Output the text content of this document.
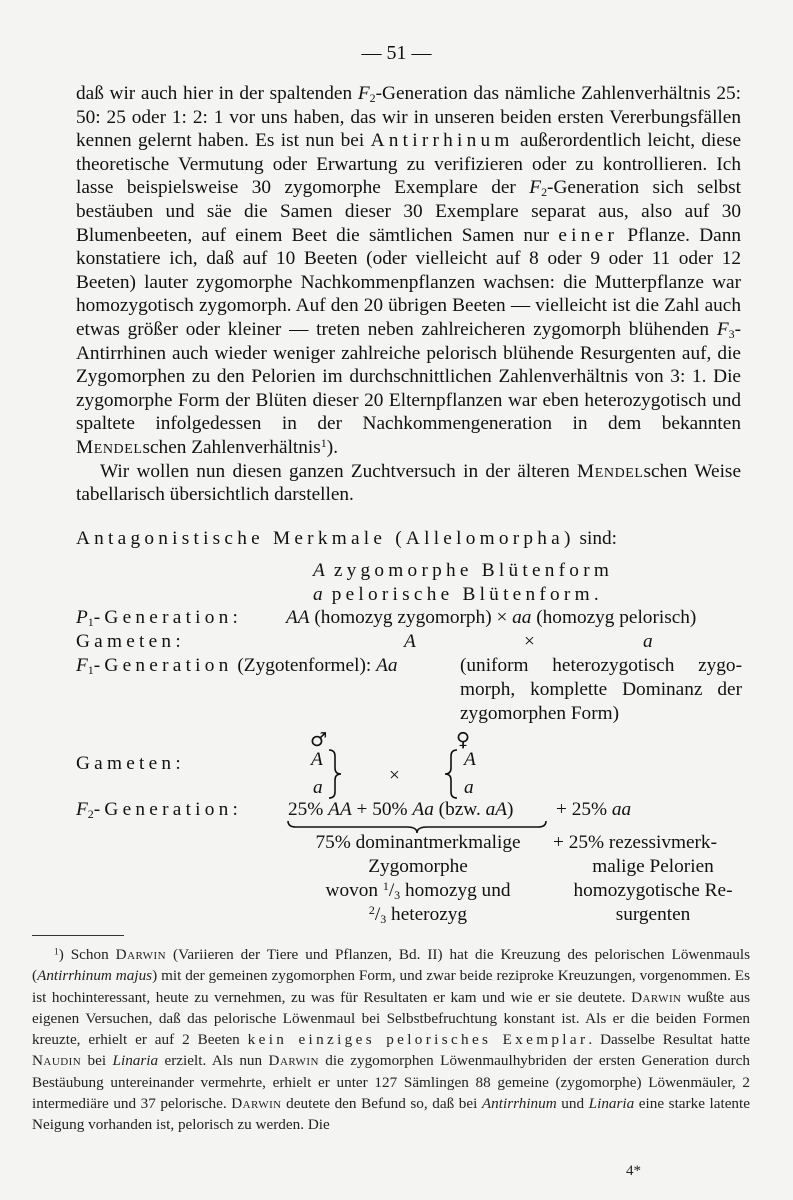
— 51 —

daß wir auch hier in der spaltenden $F_2$-Generation das nämliche Zahlenverhältnis 25: 50: 25 oder 1: 2: 1 vor uns haben, das wir in unseren beiden ersten Vererbungsfällen kennen gelernt haben. Es ist nun bei Antirrhinum außerordentlich leicht, diese theoretische Vermutung oder Erwartung zu verifizieren oder zu kontrollieren. Ich lasse beispielsweise 30 zygomorphe Exemplare der $F_2$-Generation sich selbst bestäuben und säe die Samen dieser 30 Exemplare separat aus, also auf 30 Blumenbeeten, auf einem Beet die sämtlichen Samen nur einer Pflanze. Dann konstatiere ich, daß auf 10 Beeten (oder vielleicht auf 8 oder 9 oder 11 oder 12 Beeten) lauter zygomorphe Nachkommenpflanzen wachsen: die Mutterpflanze war homozygotisch zygomorph. Auf den 20 übrigen Beeten — vielleicht ist die Zahl auch etwas größer oder kleiner — treten neben zahlreicheren zygomorph blühenden $F_3$-Antirrhinen auch wieder weniger zahlreiche pelorisch blühende Resurgenten auf, die Zygomorphen zu den Pelorien im durchschnittlichen Zahlenverhältnis von 3: 1. Die zygomorphe Form der Blüten dieser 20 Elternpflanzen war eben heterozygotisch und spaltete infolgedessen in der Nachkommengeneration in dem bekannten Mendelschen Zahlenverhältnis$^1$).

Wir wollen nun diesen ganzen Zuchtversuch in der älteren Mendelschen Weise tabellarisch übersichtlich darstellen.

Antagonistische Merkmale (Allelomorpha) sind:
A zygomorphe Blütenform
a pelorische Blütenform.
$P_1$-Generation: AA (homozyg zygomorph) × aa (homozyg pelorisch)
Gameten:	A	×	a
$F_1$-Generation (Zygotenformel): Aa	(uniform heterozygotisch zygo-
morph, komplette Dominanz der
zygomorphen Form)
♂	♀
Gameten:	A
a
×
A
a
$F_2$-Generation: 25% AA + 50% Aa (bzw. aA) + 25% aa
75% dominantmerkmalige
Zygomorphe
wovon $^1/_3$ homozyg und
$^2/_3$ heterozyg
+ 25% rezessivmerk-
malige Pelorien
homozygotische Re-
surgenten

$^1$) Schon Darwin (Variieren der Tiere und Pflanzen, Bd. II) hat die Kreuzung des pelorischen Löwenmauls (Antirrhinum majus) mit der gemeinen zygomorphen Form, und zwar beide reziproke Kreuzungen, vorgenommen. Es ist hochinteressant, heute zu vernehmen, zu was für Resultaten er kam und wie er sie deutete. Darwin wußte aus eigenen Versuchen, daß das pelorische Löwenmaul bei Selbstbefruchtung konstant ist. Als er die beiden Formen kreuzte, erhielt er auf 2 Beeten kein einziges pelorisches Exemplar. Dasselbe Resultat hatte Naudin bei Linaria erzielt. Als nun Darwin die zygomorphen Löwenmaulhybriden der ersten Generation durch Bestäubung untereinander vermehrte, erhielt er unter 127 Sämlingen 88 gemeine (zygomorphe) Löwenmäuler, 2 intermediäre und 37 pelorische. Darwin deutete den Befund so, daß bei Antirrhinum und Linaria eine starke latente Neigung vorhanden ist, pelorisch zu werden. Die

4*
